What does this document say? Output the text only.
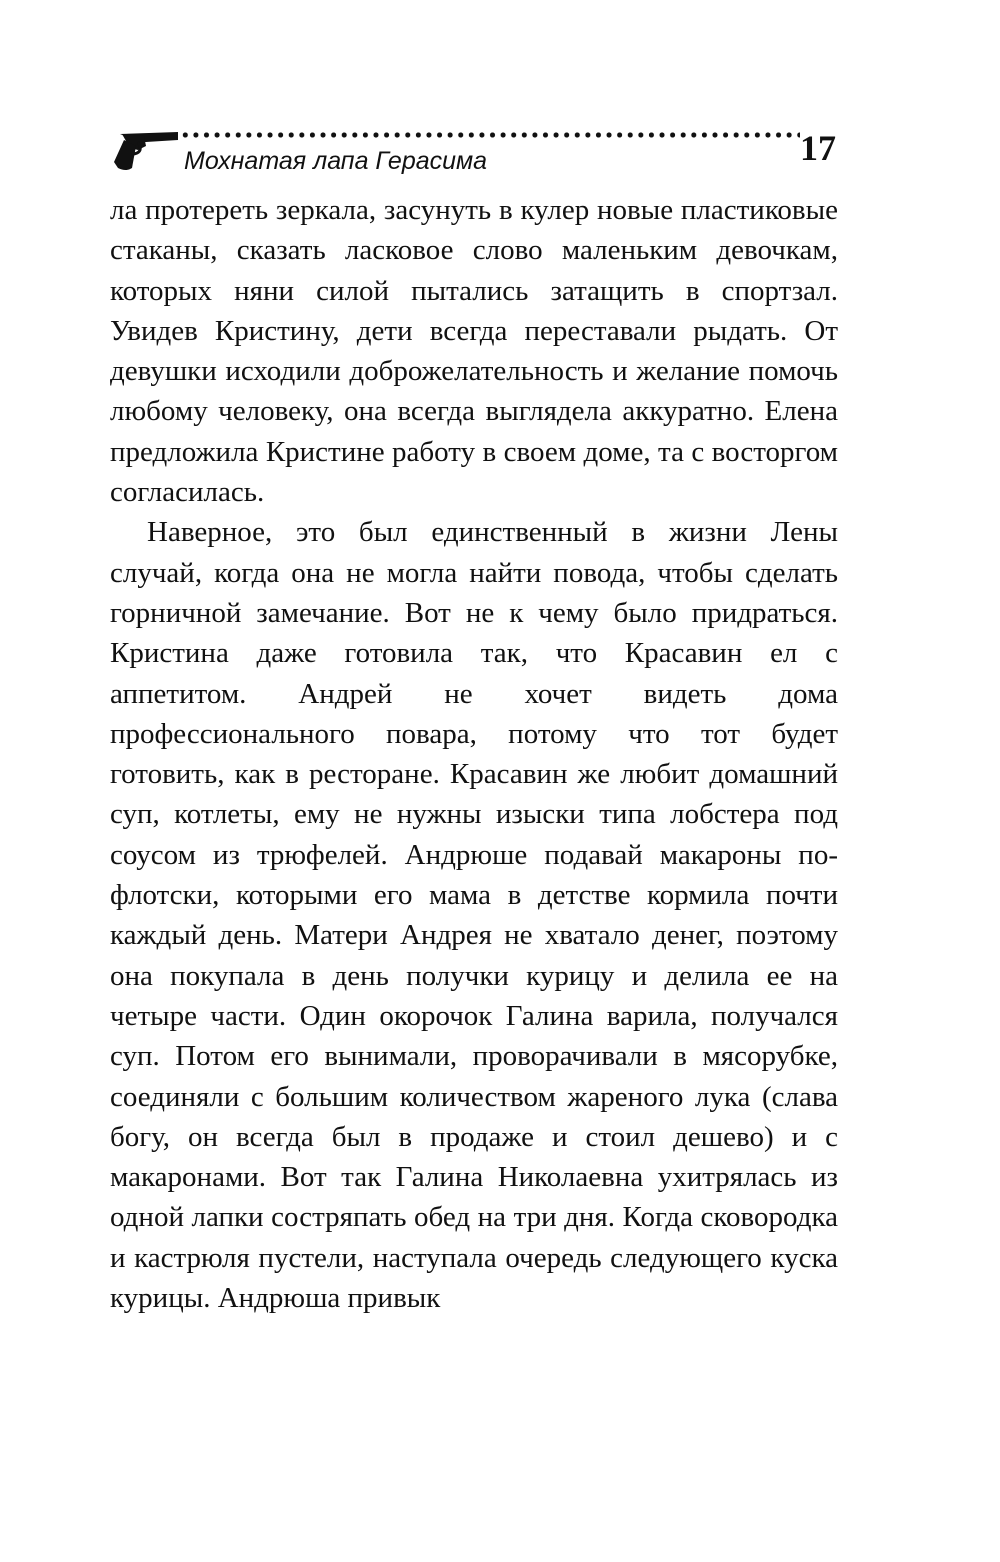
Мохнатая лапа Герасима	17

ла протереть зеркала, засунуть в кулер новые пластиковые стаканы, сказать ласковое слово маленьким девочкам, которых няни силой пытались затащить в спортзал. Увидев Кристину, дети всегда переставали рыдать. От девушки исходили доброжелательность и желание помочь любому человеку, она всегда выглядела аккуратно. Елена предложила Кристине работу в своем доме, та с восторгом согласилась.

Наверное, это был единственный в жизни Лены случай, когда она не могла найти повода, чтобы сделать горничной замечание. Вот не к чему было придраться. Кристина даже готовила так, что Красавин ел с аппетитом. Андрей не хочет видеть дома профессионального повара, потому что тот будет готовить, как в ресторане. Красавин же любит домашний суп, котлеты, ему не нужны изыски типа лобстера под соусом из трюфелей. Андрюше подавай макароны по-флотски, которыми его мама в детстве кормила почти каждый день. Матери Андрея не хватало денег, поэтому она покупала в день получки курицу и делила ее на четыре части. Один окорочок Галина варила, получался суп. Потом его вынимали, проворачивали в мясорубке, соединяли с большим количеством жареного лука (слава богу, он всегда был в продаже и стоил дешево) и с макаронами. Вот так Галина Николаевна ухитрялась из одной лапки состряпать обед на три дня. Когда сковородка и кастрюля пустели, наступала очередь следующего куска курицы. Андрюша привык
